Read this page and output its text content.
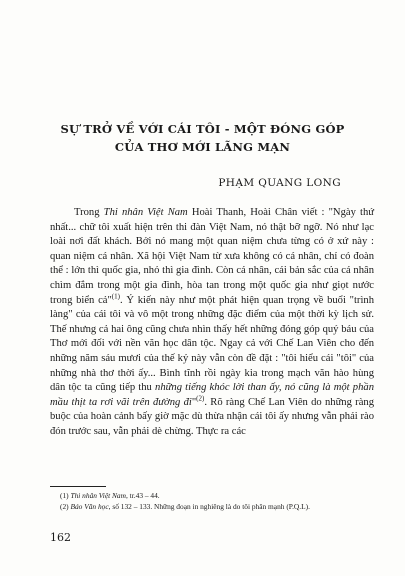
SỰ TRỞ VỀ VỚI CÁI TÔI - MỘT ĐÓNG GÓP
CỦA THƠ MỚI LÃNG MẠN
PHẠM QUANG LONG

Trong Thi nhân Việt Nam Hoài Thanh, Hoài Chân viết : "Ngày thứ nhất... chữ tôi xuất hiện trên thi đàn Việt Nam, nó thật bỡ ngỡ. Nó như lạc loài nơi đất khách. Bởi nó mang một quan niệm chưa từng có ở xứ này : quan niệm cá nhân. Xã hội Việt Nam từ xưa không có cá nhân, chỉ có đoàn thể : lớn thì quốc gia, nhỏ thì gia đình. Còn cá nhân, cái bản sắc của cá nhân chìm đắm trong một gia đình, hòa tan trong một quốc gia như giọt nước trong biển cả"$^{(1)}$. Ý kiến này như một phát hiện quan trọng về buổi "trình làng" của cái tôi và vô một trong những đặc điểm của một thời kỳ lịch sử. Thế nhưng cả hai ông cũng chưa nhìn thấy hết những đóng góp quý báu của Thơ mới đối với nền văn học dân tộc. Ngay cả với Chế Lan Viên cho đến những năm sáu mươi của thế kỷ này vẫn còn đề đặt : "tôi hiểu cái "tôi" của những nhà thơ thời ấy... Bình tĩnh rồi ngày kia trong mạch văn hào hùng dân tộc ta cũng tiếp thu những tiếng khóc lời than ấy, nó cũng là một phần mầu thịt ta rơi vãi trên đường đi"$^{(2)}$. Rõ ràng Chế Lan Viên do những ràng buộc của hoàn cảnh bấy giờ mặc dù thừa nhận cái tôi ấy nhưng vẫn phải rào đón trước sau, vẫn phải dè chừng. Thực ra các

(1) Thi nhân Việt Nam, tr.43 – 44.
(2) Báo Văn học, số 132 – 133. Những đoạn in nghiêng là do tôi phân mạnh (P.Q.L).
162
